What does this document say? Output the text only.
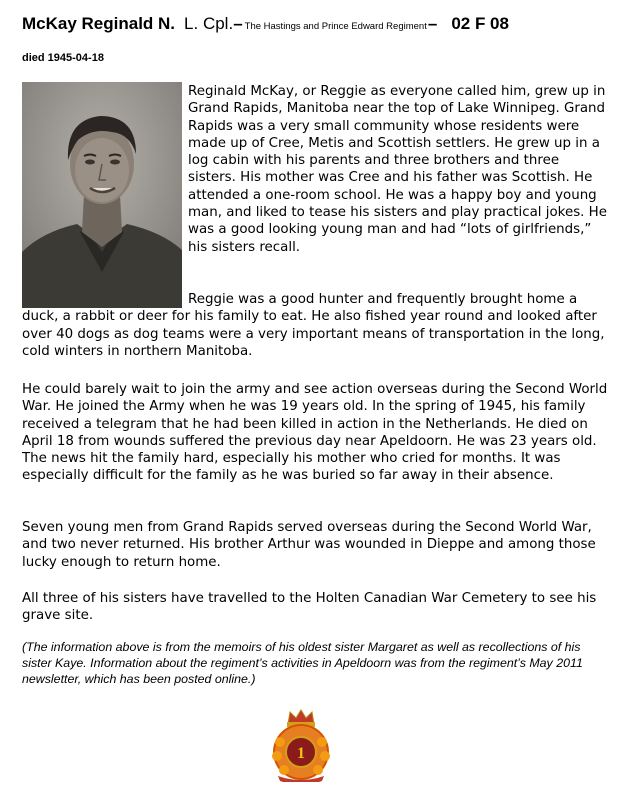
McKay Reginald N. L. Cpl. – The Hastings and Prince Edward Regiment – 02 F 08
died 1945-04-18

Reginald McKay, or Reggie as everyone called him, grew up in Grand Rapids, Manitoba near the top of Lake Winnipeg. Grand Rapids was a very small community whose residents were made up of Cree, Metis and Scottish settlers. He grew up in a log cabin with his parents and three brothers and three sisters. His mother was Cree and his father was Scottish. He attended a one-room school. He was a happy boy and young man, and liked to tease his sisters and play practical jokes. He was a good looking young man and had “lots of girlfriends,” his sisters recall.

Reggie was a good hunter and frequently brought home a duck, a rabbit or deer for his family to eat. He also fished year round and looked after over 40 dogs as dog teams were a very important means of transportation in the long, cold winters in northern Manitoba.

He could barely wait to join the army and see action overseas during the Second World War. He joined the Army when he was 19 years old. In the spring of 1945, his family received a telegram that he had been killed in action in the Netherlands. He died on April 18 from wounds suffered the previous day near Apeldoorn. He was 23 years old. The news hit the family hard, especially his mother who cried for months. It was especially difficult for the family as he was buried so far away in their absence.

Seven young men from Grand Rapids served overseas during the Second World War, and two never returned. His brother Arthur was wounded in Dieppe and among those lucky enough to return home.

All three of his sisters have travelled to the Holten Canadian War Cemetery to see his grave site.

(The information above is from the memoirs of his oldest sister Margaret as well as recollections of his sister Kaye. Information about the regiment’s activities in Apeldoorn was from the regiment’s May 2011 newsletter, which has been posted online.)

1
